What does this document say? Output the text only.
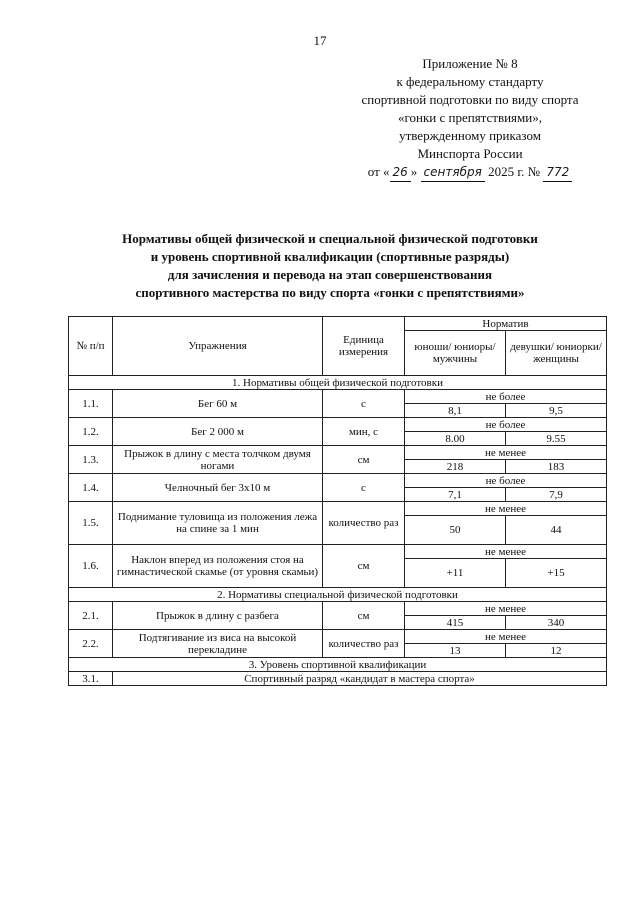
17
Приложение № 8
к федеральному стандарту
спортивной подготовки по виду спорта
«гонки с препятствиями»,
утвержденному приказом
Минспорта России
от « 26 » сентября 2025 г. № 772
Нормативы общей физической и специальной физической подготовки
и уровень спортивной квалификации (спортивные разряды)
для зачисления и перевода на этап совершенствования
спортивного мастерства по виду спорта «гонки с препятствиями»
№ п/п	Упражнения	Единица измерения	Норматив	
			юноши/ юниоры/ мужчины	девушки/ юниорки/ женщины
1. Нормативы общей физической подготовки				
1.1.	Бег 60 м	с	не более	
			8,1	9,5
1.2.	Бег 2 000 м	мин, с	не более	
			8.00	9.55
1.3.	Прыжок в длину с места толчком двумя ногами	см	не менее	
			218	183
1.4.	Челночный бег 3х10 м	с	не более	
			7,1	7,9
1.5.	Поднимание туловища из положения лежа на спине за 1 мин	количество раз	не менее	
			50	44
1.6.	Наклон вперед из положения стоя на гимнастической скамье (от уровня скамьи)	см	не менее	
			+11	+15
2. Нормативы специальной физической подготовки				
2.1.	Прыжок в длину с разбега	см	не менее	
			415	340
2.2.	Подтягивание из виса на высокой перекладине	количество раз	не менее	
			13	12
3. Уровень спортивной квалификации				
3.1.	Спортивный разряд «кандидат в мастера спорта»			
